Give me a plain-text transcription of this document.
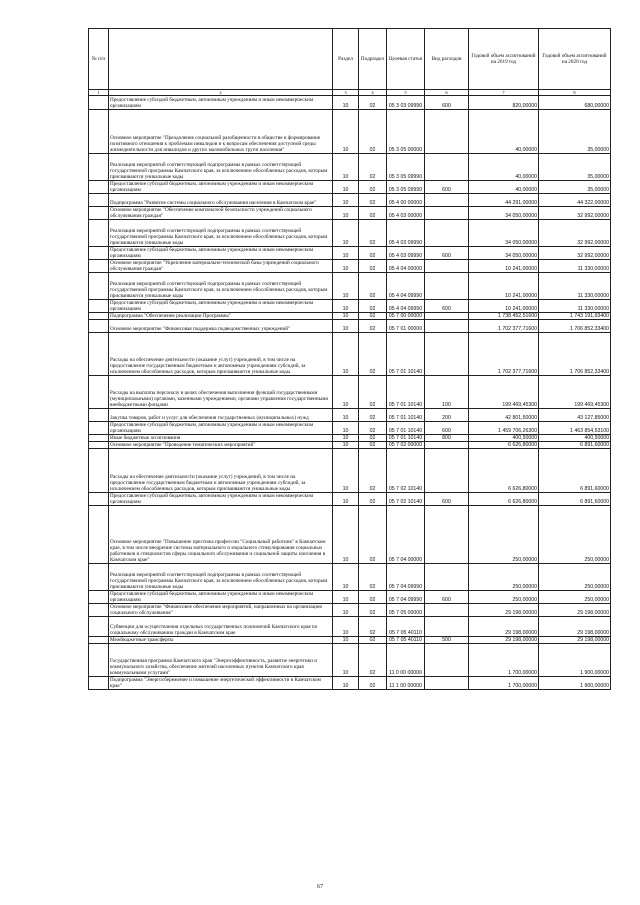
№ п/п		Раздел	Подраздел	Целевая статья	Вид расходов	Годовой объем ассигнований на 2019 год	Годовой объем ассигнований на 2020 год
1	2	3	4	5	6	7	8
	Предоставление субсидий бюджетным, автономным учреждениям и иным некоммерческим организациям	10	02	05 3 03 09990	600	820,00000	680,00000
	Основное мероприятие "Преодоление социальной разобщенности в обществе и формирование позитивного отношения к проблемам инвалидов и к вопросам обеспечения доступной среды жизнедеятельности для инвалидов и других маломобильных групп населения"	10	02	05 3 05 00000		40,00000	35,00000
	Реализация мероприятий соответствующей подпрограммы в рамках соответствующей государственной программы Камчатского края, за исключением обособленных расходов, которым присваиваются уникальные коды	10	02	05 3 05 09990		40,00000	35,00000
	Предоставление субсидий бюджетным, автономным учреждениям и иным некоммерческим организациям	10	02	05 3 05 09990	600	40,00000	35,00000
	Подпрограмма "Развитие системы социального обслуживания населения в Камчатском крае"	10	02	05 4 00 00000		44 291,00000	44 322,00000
	Основное мероприятие "Обеспечение комплексной безопасности учреждений социального обслуживания граждан"	10	02	05 4 03 00000		34 050,00000	32 992,00000
	Реализация мероприятий соответствующей подпрограммы в рамках соответствующей государственной программы Камчатского края, за исключением обособленных расходов, которым присваиваются уникальные коды	10	02	05 4 03 09990		34 050,00000	32 992,00000
	Предоставление субсидий бюджетным, автономным учреждениям и иным некоммерческим организациям	10	02	05 4 03 09990	600	34 050,00000	32 992,00000
	Основное мероприятие "Укрепление материально-технической базы учреждений социального обслуживания граждан"	10	02	05 4 04 00000		10 241,00000	11 330,00000
	Реализация мероприятий соответствующей подпрограммы в рамках соответствующей государственной программы Камчатского края, за исключением обособленных расходов, которым присваиваются уникальные коды	10	02	05 4 04 09990		10 241,00000	11 330,00000
	Предоставление субсидий бюджетным, автономным учреждениям и иным некоммерческим организациям	10	02	05 4 04 09990	600	10 241,00000	11 330,00000
	Подпрограмма "Обеспечение реализации Программы"	10	02	05 7 00 00000		1 738 452,51600	1 743 191,93400
	Основное мероприятие "Финансовая поддержка подведомственных учреждений"	10	02	05 7 01 00000		1 702 377,71600	1 706 852,33400
	Расходы на обеспечение деятельности (оказание услуг) учреждений, в том числе на предоставление государственным бюджетным и автономным учреждениям субсидий, за исключением обособленных расходов, которым присваиваются уникальные коды	10	02	05 7 01 10140		1 702 377,71600	1 706 852,33400
	Расходы на выплаты персоналу в целях обеспечения выполнения функций государственными (муниципальными) органами, казенными учреждениями, органами управления государственными внебюджетными фондами	10	02	05 7 01 10140	100	199 469,45300	199 469,45300
	Закупка товаров, работ и услуг для обеспечения государственных (муниципальных) нужд	10	02	05 7 01 10140	200	42 801,50000	43 127,85000
	Предоставление субсидий бюджетным, автономным учреждениям и иным некоммерческим организациям	10	02	05 7 01 10140	600	1 459 706,26300	1 463 854,53100
	Иные бюджетные ассигнования	10	02	05 7 01 10140	800	400,50000	400,50000
	Основное мероприятие "Проведение тематических мероприятий"	10	02	05 7 02 00000		6 626,80000	6 891,60000
	Расходы на обеспечение деятельности (оказание услуг) учреждений, в том числе на предоставление государственным бюджетным и автономным учреждениям субсидий, за исключением обособленных расходов, которым присваиваются уникальные коды	10	02	05 7 02 10140		6 626,80000	6 891,60000
	Предоставление субсидий бюджетным, автономным учреждениям и иным некоммерческим организациям	10	02	05 7 02 10140	600	6 626,80000	6 891,60000
	Основное мероприятие "Повышение престижа профессии "Социальный работник" в Камчатском крае, в том числе внедрение системы материального и морального стимулирования социальных работников и специалистов сферы социального обслуживания и социальной защиты населения в Камчатском крае"	10	02	05 7 04 00000		250,00000	250,00000
	Реализация мероприятий соответствующей подпрограммы в рамках соответствующей государственной программы Камчатского края, за исключением обособленных расходов, которым присваиваются уникальные коды	10	02	05 7 04 09990		250,00000	250,00000
	Предоставление субсидий бюджетным, автономным учреждениям и иным некоммерческим организациям	10	02	05 7 04 09990	600	250,00000	250,00000
	Основное мероприятие "Финансовое обеспечение мероприятий, направленных на организацию социального обслуживания"	10	02	05 7 05 00000		29 198,00000	29 198,00000
	Субвенции для осуществления отдельных государственных полномочий Камчатского края по социальному обслуживанию граждан в Камчатском крае	10	02	05 7 05 40110		29 198,00000	29 198,00000
	Межбюджетные трансферты	10	02	05 7 05 40110	500	29 198,00000	29 198,00000
	Государственная программа Камчатского края "Энергоэффективность, развитие энергетики и коммунального хозяйства, обеспечение жителей населенных пунктов Камчатского края коммунальными услугами"	10	02	11 0 00 00000		1 700,00000	1 900,00000
	Подпрограмма "Энергосбережение и повышение энергетической эффективности в Камчатском крае"	10	02	11 1 00 00000		1 700,00000	1 900,00000
67
